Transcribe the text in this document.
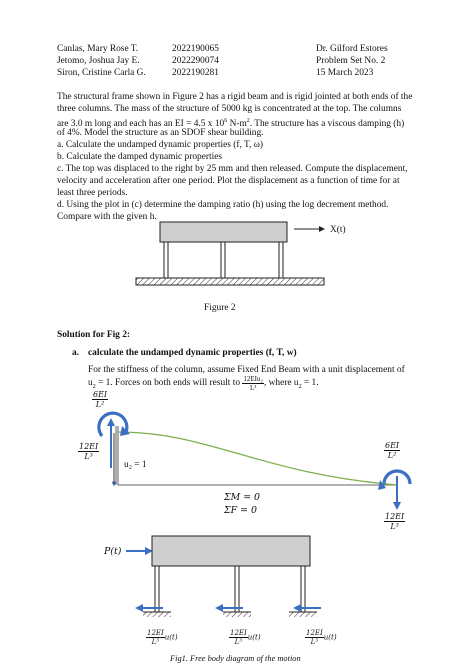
Canlas, Mary Rose T.	2022190065	Dr. Gilford Estores
Jetomo, Joshua Jay E.	2022290074	Problem Set No. 2
Siron, Cristine Carla G.	2022190281	15 March 2023
The structural frame shown in Figure 2 has a rigid beam and is rigid jointed at both ends of the
three columns. The mass of the structure of 5000 kg is concentrated at the top. The columns
are 3.0 m long and each has an EI = 4.5 x $10^6$ $N-m^2$. The structure has a viscous damping (h)
of 4%. Model the structure as an SDOF shear building.
a. Calculate the undamped dynamic properties (f, T, ω)
b. Calculate the damped dynamic properties
c. The top was displaced to the right by 25 mm and then released. Compute the displacement,
velocity and acceleration after one period. Plot the displacement as a function of time for at
least three periods.
d. Using the plot in (c) determine the damping ratio (h) using the log decrement method.
Compare with the given h.
X(t)
Figure 2
Solution for Fig 2:
a. calculate the undamped dynamic properties (f, T, w)
For the stiffness of the column, assume Fixed End Beam with a unit displacement of
$u_2 = 1$. Forces on both ends will result to $\frac{\text{12EIu₂}}{\text{L³}}$ , where $u_2 = 1$.
$\frac{6EI}{\text{L²}}$
$\frac{12EI}{\text{L³}}$
u₂ = 1
$\frac{6EI}{\text{L²}}$
$\frac{12EI}{\text{L³}}$
ΣM = 0
ΣF = 0
P(t)
$\frac{12EI}{\text{L³}} u(t)$	$\frac{12EI}{\text{L³}} u(t)$	$\frac{12EI}{\text{L³}} u(t)$
Fig1. Free body diagram of the motion
